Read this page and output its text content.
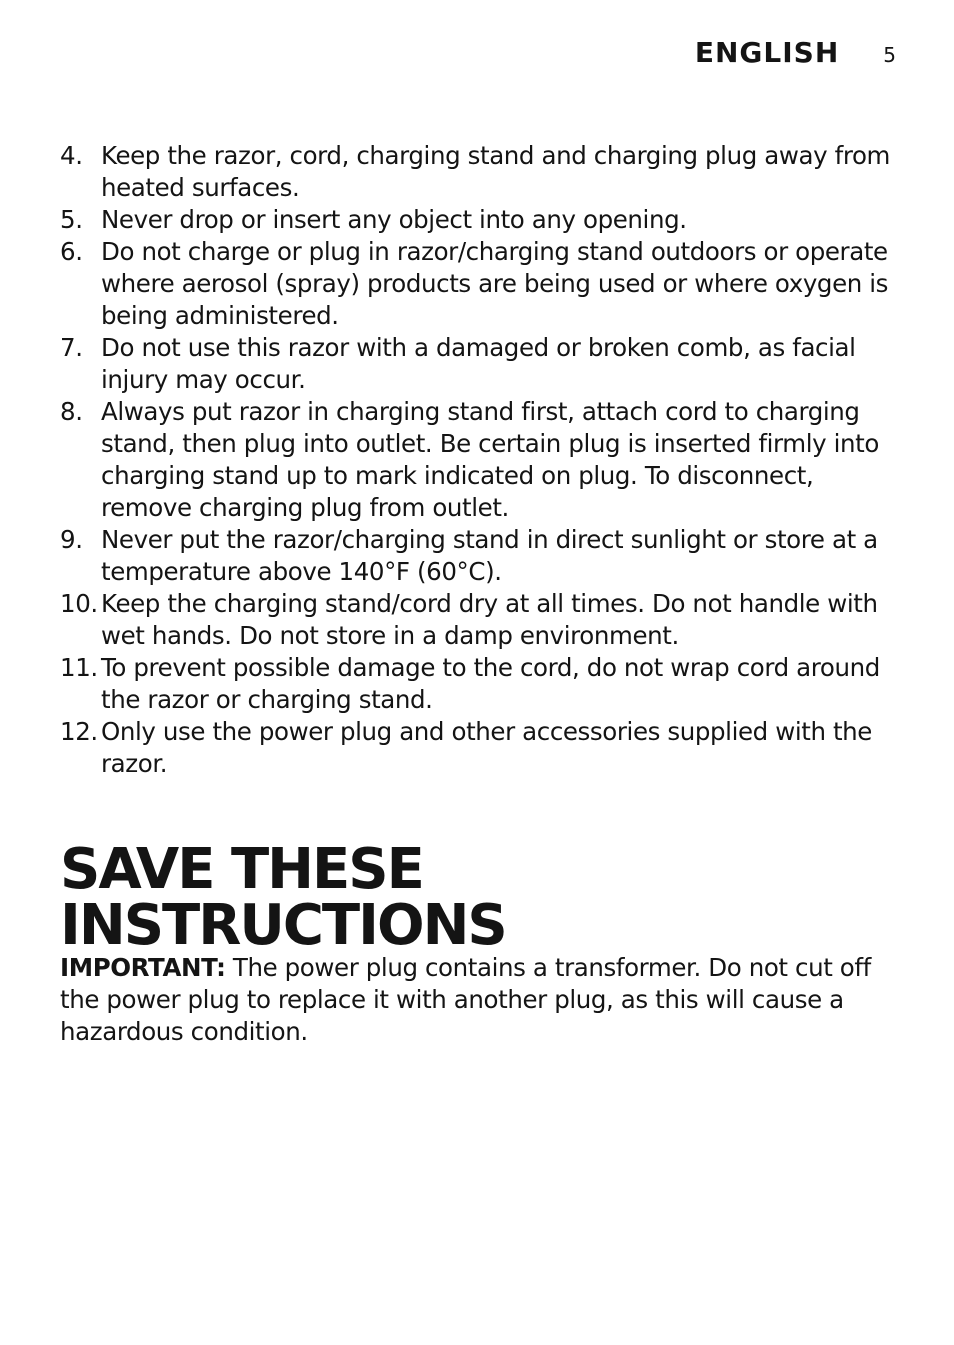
ENGLISH 5
4. Keep the razor, cord, charging stand and charging plug away from heated surfaces.
5. Never drop or insert any object into any opening.
6. Do not charge or plug in razor/charging stand outdoors or operate where aerosol (spray) products are being used or where oxygen is being administered.
7. Do not use this razor with a damaged or broken comb, as facial injury may occur.
8. Always put razor in charging stand first, attach cord to charging stand, then plug into outlet. Be certain plug is inserted firmly into charging stand up to mark indicated on plug. To disconnect, remove charging plug from outlet.
9. Never put the razor/charging stand in direct sunlight or store at a temperature above 140°F (60°C).
10. Keep the charging stand/cord dry at all times. Do not handle with wet hands. Do not store in a damp environment.
11. To prevent possible damage to the cord, do not wrap cord around the razor or charging stand.
12. Only use the power plug and other accessories supplied with the razor.
SAVE THESE
INSTRUCTIONS

IMPORTANT: The power plug contains a transformer. Do not cut off the power plug to replace it with another plug, as this will cause a hazardous condition.
